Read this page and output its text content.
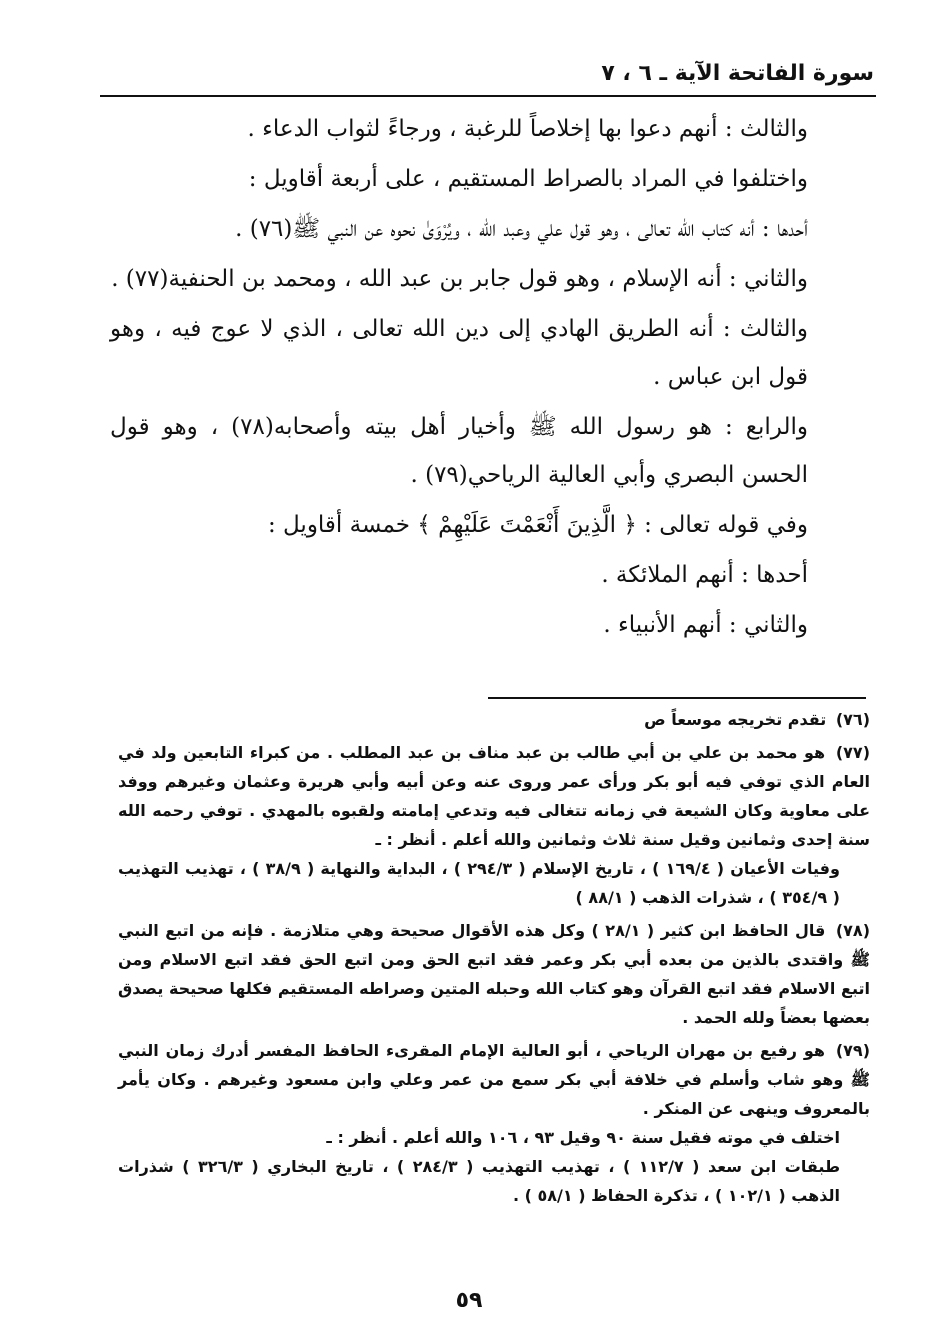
سورة الفاتحة الآية ـ ٦ ، ٧

والثالث : أنهم دعوا بها إخلاصاً للرغبة ، ورجاءً لثواب الدعاء .

واختلفوا في المراد بالصراط المستقيم ، على أربعة أقاويل :

أحدها : أنه كتاب الله تعالى ، وهو قول علي وعبد الله ، ويُرْوَىٰ نحوه عن النبي ﷺ(٧٦) .

والثاني : أنه الإسلام ، وهو قول جابر بن عبد الله ، ومحمد بن الحنفية(٧٧) .

والثالث : أنه الطريق الهادي إلى دين الله تعالى ، الذي لا عوج فيه ، وهو قول ابن عباس .

والرابع : هو رسول الله ﷺ وأخيار أهل بيته وأصحابه(٧٨) ، وهو قول الحسن البصري وأبي العالية الرياحي(٧٩) .

وفي قوله تعالى : ﴿ الَّذِينَ أَنْعَمْتَ عَلَيْهِمْ ﴾ خمسة أقاويل :

أحدها : أنهم الملائكة .

والثاني : أنهم الأنبياء .

(٧٦) تقدم تخريجه موسعاً ص
(٧٧) هو محمد بن علي بن أبي طالب بن عبد مناف بن عبد المطلب . من كبراء التابعين ولد في العام الذي توفي فيه أبو بكر ورأى عمر وروى عنه وعن أبيه وأبي هريرة وعثمان وغيرهم ووفد على معاوية وكان الشيعة في زمانه تتغالى فيه وتدعي إمامته ولقبوه بالمهدي . توفي رحمه الله سنة إحدى وثمانين وقيل سنة ثلاث وثمانين والله أعلم . أنظر : ـ
وفيات الأعيان ( ١٦٩/٤ ) ، تاريخ الإسلام ( ٢٩٤/٣ ) ، البداية والنهاية ( ٣٨/٩ ) ، تهذيب التهذيب ( ٣٥٤/٩ ) ، شذرات الذهب ( ٨٨/١ )
(٧٨) قال الحافظ ابن كثير ( ٢٨/١ ) وكل هذه الأقوال صحيحة وهي متلازمة . فإنه من اتبع النبي ﷺ واقتدى بالذين من بعده أبي بكر وعمر فقد اتبع الحق ومن اتبع الحق فقد اتبع الاسلام ومن اتبع الاسلام فقد اتبع القرآن وهو كتاب الله وحبله المتين وصراطه المستقيم فكلها صحيحة يصدق بعضها بعضاً ولله الحمد .
(٧٩) هو رفيع بن مهران الرياحي ، أبو العالية الإمام المقرىء الحافظ المفسر أدرك زمان النبي ﷺ وهو شاب وأسلم في خلافة أبي بكر سمع من عمر وعلي وابن مسعود وغيرهم . وكان يأمر بالمعروف وينهى عن المنكر .
اختلف في موته فقيل سنة ٩٠ وقيل ٩٣ ، ١٠٦ والله أعلم . أنظر : ـ
طبقات ابن سعد ( ١١٢/٧ ) ، تهذيب التهذيب ( ٢٨٤/٣ ) ، تاريخ البخاري ( ٣٢٦/٣ ) شذرات الذهب ( ١٠٢/١ ) ، تذكرة الحفاظ ( ٥٨/١ ) .
٥٩
